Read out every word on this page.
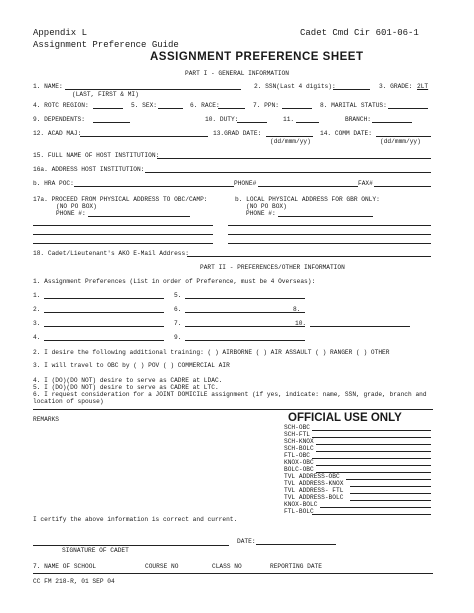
Appendix L
Assignment Preference Guide
Cadet Cmd Cir 601-06-1
ASSIGNMENT PREFERENCE SHEET
PART I - GENERAL INFORMATION
1. NAME:
(LAST, FIRST & MI)
2. SSN(Last 4 digits):	3. GRADE: 2LT
4. ROTC REGION:	5. SEX:	6. RACE:	7. PPN:	8. MARITAL STATUS:
9. DEPENDENTS:	10. DUTY:	11.	BRANCH:
12. ACAD MAJ:	13.GRAD DATE:
(dd/mmm/yy)
14. COMM DATE:
(dd/mmm/yy)
15. FULL NAME OF HOST INSTITUTION:
16a. ADDRESS HOST INSTITUTION:
b. HRA POC:	PHONE#	FAX#
17a. PROCEED FROM PHYSICAL ADDRESS TO OBC/CAMP:
(NO PO BOX)
PHONE #:
b. LOCAL PHYSICAL ADDRESS FOR GBR ONLY:
(NO PO BOX)
PHONE #:
18. Cadet/Lieutenant's AKO E-Mail Address:
PART II - PREFERENCES/OTHER INFORMATION
1. Assignment Preferences (List in order of Preference, must be 4 Overseas):
1.	5.
2.	6.	8.
3.	7.	10.
4.	9.
2. I desire the following additional training: ( ) AIRBORNE ( ) AIR ASSAULT ( ) RANGER ( ) OTHER
3. I will travel to OBC by ( ) POV ( ) COMMERCIAL AIR
4. I (DO)(DO NOT) desire to serve as CADRE at LDAC.
5. I (DO)(DO NOT) desire to serve as CADRE at LTC.
6. I request consideration for a JOINT DOMICILE assignment (if yes, indicate: name, SSN, grade, branch and
location of spouse)
REMARKS	OFFICIAL USE ONLY
SCH-OBC
SCH-FTL
SCH-KNOX
SCH-BOLC
FTL-OBC
KNOX-OBC
BOLC-OBC
TVL ADDRESS-OBC
TVL ADDRESS-KNOX
TVL ADDRESS- FTL
TVL ADDRESS-BOLC
KNOX-BOLC
FTL-BOLC
I certify the above information is correct and current.
DATE:
SIGNATURE OF CADET
7. NAME OF SCHOOL	COURSE NO	CLASS NO	REPORTING DATE
CC FM 218-R, 01 SEP 04
